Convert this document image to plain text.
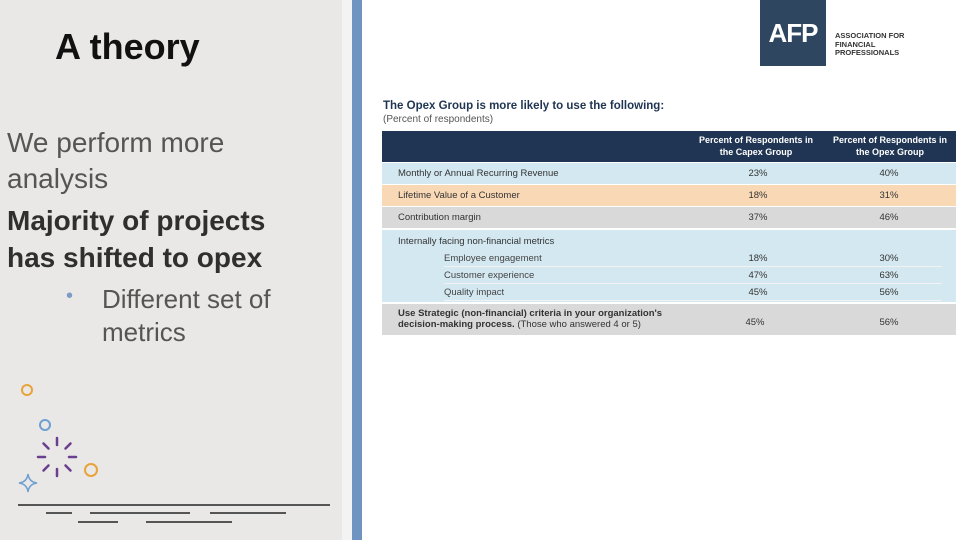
A theory
We perform more
analysis
Majority of projects
has shifted to opex
• Different set of metrics
AFP	ASSOCIATION FOR
FINANCIAL
PROFESSIONALS
The Opex Group is more likely to use the following:
(Percent of respondents)
Percent of Respondents in the Capex Group
Percent of Respondents in the Opex Group
Monthly or Annual Recurring Revenue	23%	40%
Lifetime Value of a Customer	18%	31%
Contribution margin	37%	46%
Internally facing non-financial metrics
Employee engagement	18%	30%
Customer experience	47%	63%
Quality impact	45%	56%
Use Strategic (non-financial) criteria in your organization's
decision-making process. (Those who answered 4 or 5)	45%	56%
